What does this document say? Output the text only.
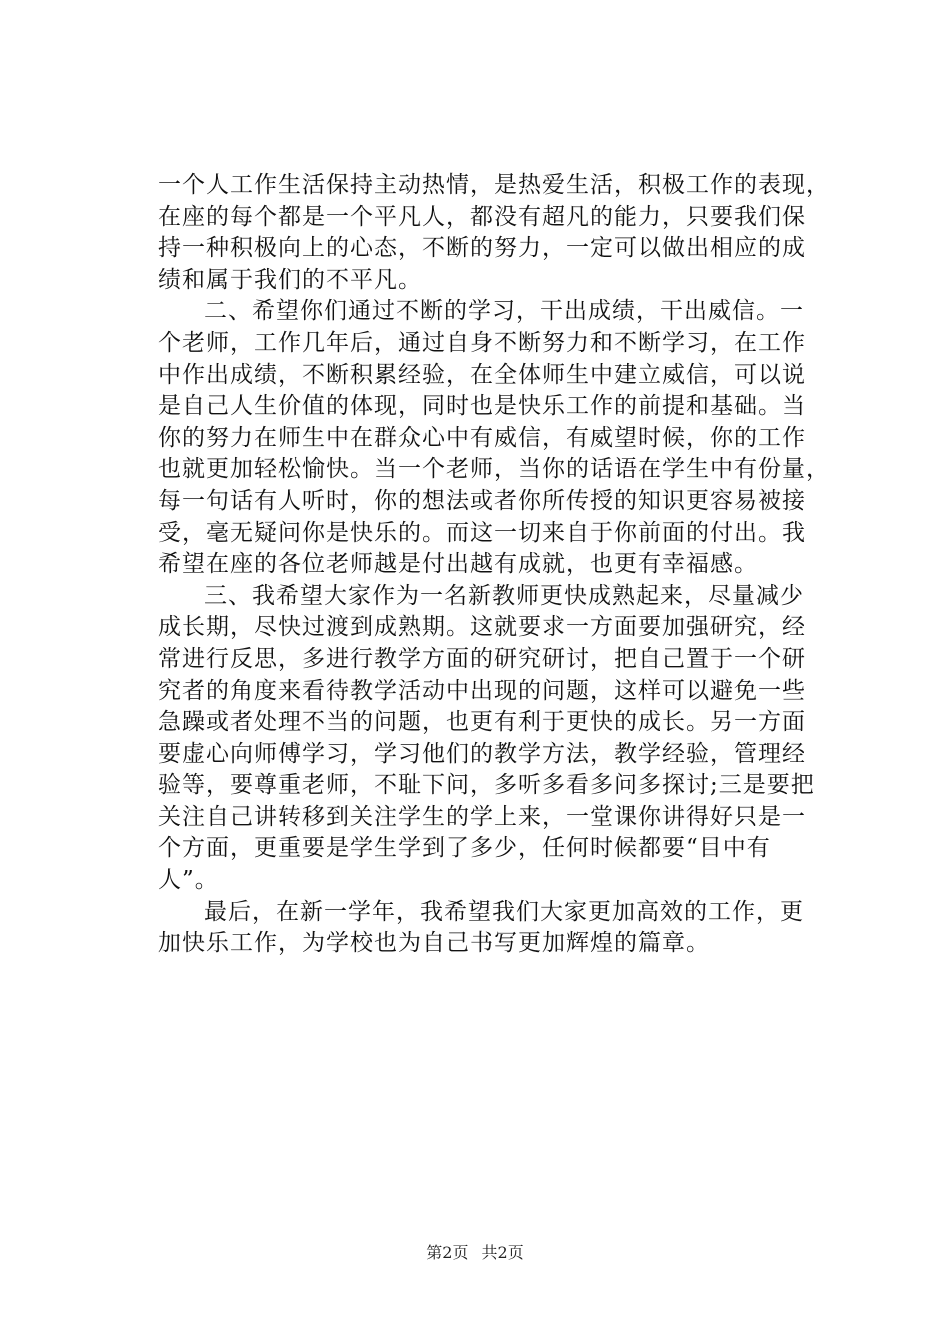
一个人工作生活保持主动热情，是热爱生活，积极工作的表现，
在座的每个都是一个平凡人，都没有超凡的能力，只要我们保
持一种积极向上的心态，不断的努力，一定可以做出相应的成
绩和属于我们的不平凡。
二、希望你们通过不断的学习，干出成绩，干出威信。一
个老师，工作几年后，通过自身不断努力和不断学习，在工作
中作出成绩，不断积累经验，在全体师生中建立威信，可以说
是自己人生价值的体现，同时也是快乐工作的前提和基础。当
你的努力在师生中在群众心中有威信，有威望时候，你的工作
也就更加轻松愉快。当一个老师，当你的话语在学生中有份量，
每一句话有人听时，你的想法或者你所传授的知识更容易被接
受，毫无疑问你是快乐的。而这一切来自于你前面的付出。我
希望在座的各位老师越是付出越有成就，也更有幸福感。
三、我希望大家作为一名新教师更快成熟起来，尽量减少
成长期，尽快过渡到成熟期。这就要求一方面要加强研究，经
常进行反思，多进行教学方面的研究研讨，把自己置于一个研
究者的角度来看待教学活动中出现的问题，这样可以避免一些
急躁或者处理不当的问题，也更有利于更快的成长。另一方面
要虚心向师傅学习，学习他们的教学方法，教学经验，管理经
验等，要尊重老师，不耻下问，多听多看多问多探讨;三是要把
关注自己讲转移到关注学生的学上来，一堂课你讲得好只是一
个方面，更重要是学生学到了多少，任何时候都要“目中有
人”。
最后，在新一学年，我希望我们大家更加高效的工作，更
加快乐工作，为学校也为自己书写更加辉煌的篇章。
第2页 共2页
